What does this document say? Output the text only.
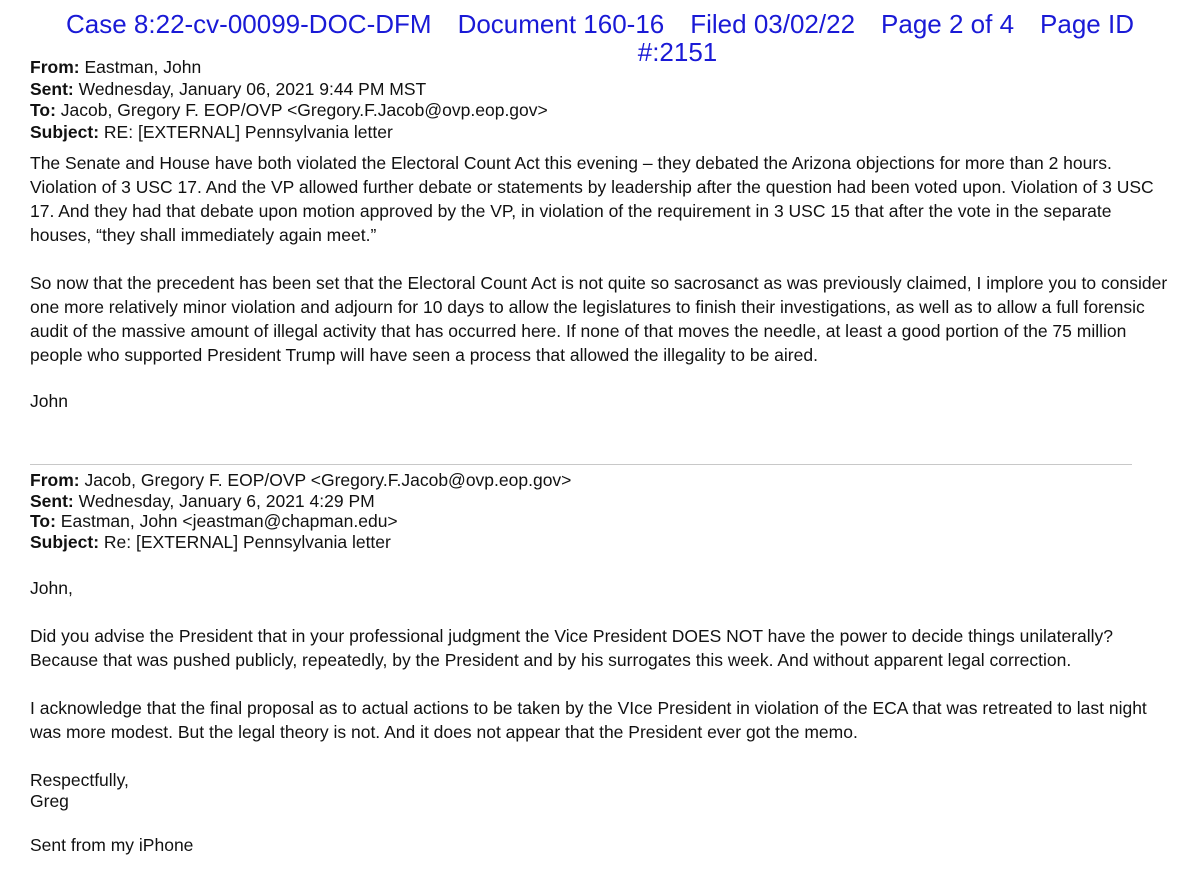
Case 8:22-cv-00099-DOC-DFM Document 160-16 Filed 03/02/22 Page 2 of 4 Page ID
#:2151
From: Eastman, John
Sent: Wednesday, January 06, 2021 9:44 PM MST
To: Jacob, Gregory F. EOP/OVP <Gregory.F.Jacob@ovp.eop.gov>
Subject: RE: [EXTERNAL] Pennsylvania letter

The Senate and House have both violated the Electoral Count Act this evening – they debated the Arizona objections for more than 2 hours. Violation of 3 USC 17. And the VP allowed further debate or statements by leadership after the question had been voted upon. Violation of 3 USC 17. And they had that debate upon motion approved by the VP, in violation of the requirement in 3 USC 15 that after the vote in the separate houses, “they shall immediately again meet.”

So now that the precedent has been set that the Electoral Count Act is not quite so sacrosanct as was previously claimed, I implore you to consider one more relatively minor violation and adjourn for 10 days to allow the legislatures to finish their investigations, as well as to allow a full forensic audit of the massive amount of illegal activity that has occurred here. If none of that moves the needle, at least a good portion of the 75 million people who supported President Trump will have seen a process that allowed the illegality to be aired.

John
From: Jacob, Gregory F. EOP/OVP <Gregory.F.Jacob@ovp.eop.gov>
Sent: Wednesday, January 6, 2021 4:29 PM
To: Eastman, John <jeastman@chapman.edu>
Subject: Re: [EXTERNAL] Pennsylvania letter

John,

Did you advise the President that in your professional judgment the Vice President DOES NOT have the power to decide things unilaterally? Because that was pushed publicly, repeatedly, by the President and by his surrogates this week. And without apparent legal correction.

I acknowledge that the final proposal as to actual actions to be taken by the VIce President in violation of the ECA that was retreated to last night was more modest. But the legal theory is not. And it does not appear that the President ever got the memo.

Respectfully,
Greg
Sent from my iPhone
